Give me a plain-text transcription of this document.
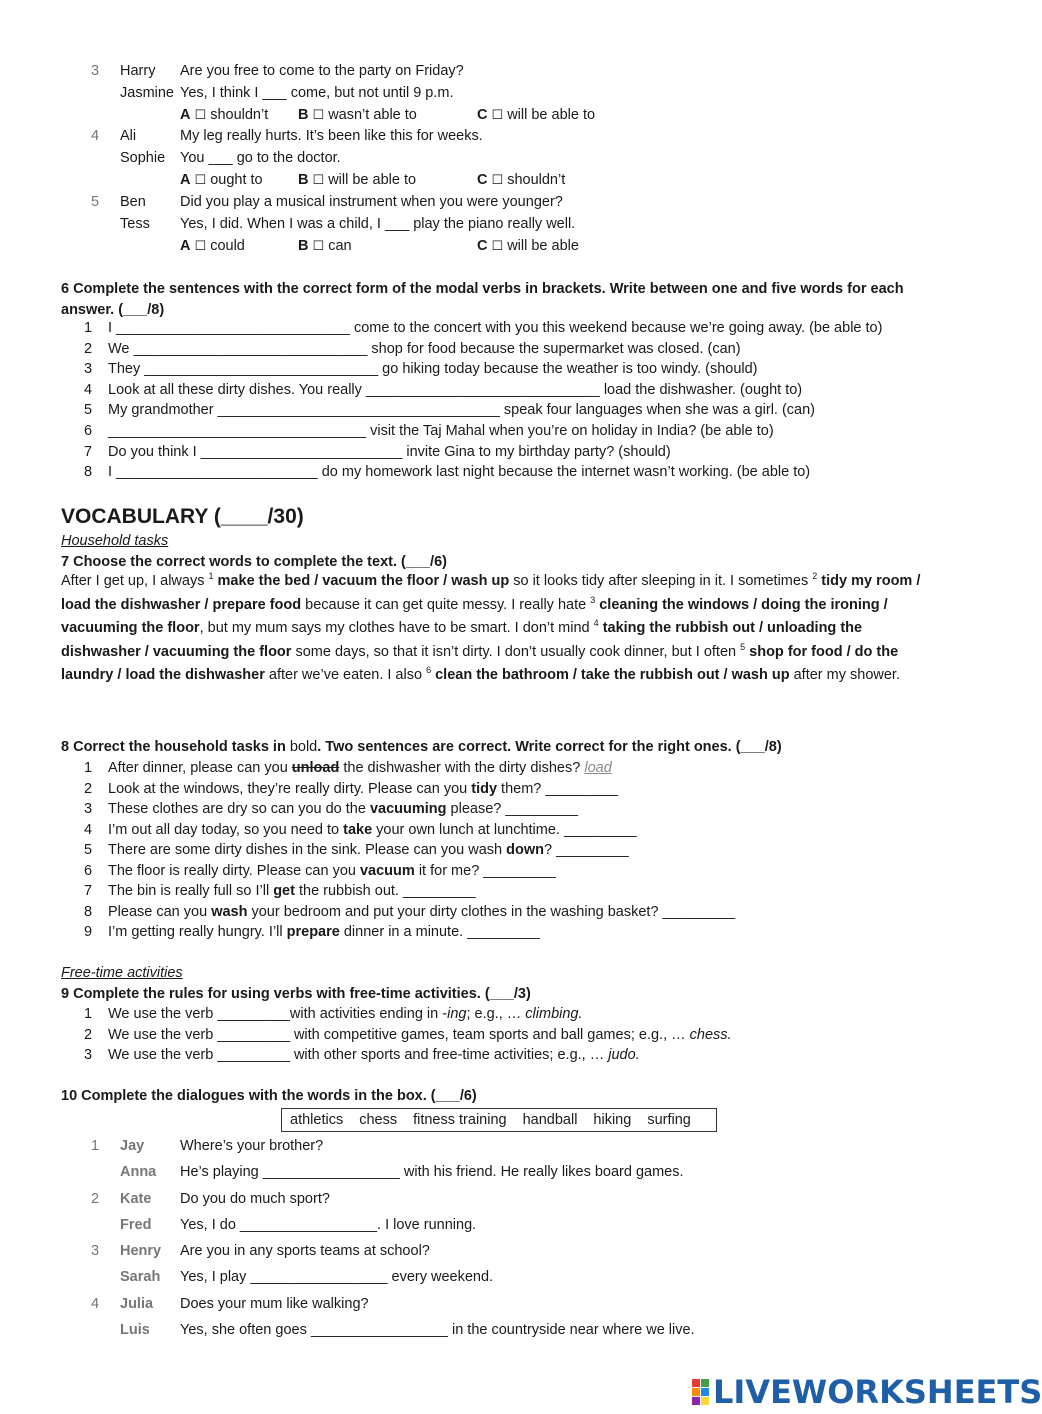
3 Harry Are you free to come to the party on Friday?
Jasmine Yes, I think I ___ come, but not until 9 p.m.
A ☐ shouldn’t B ☐ wasn’t able to	C ☐ will be able to
4 Ali	My leg really hurts. It’s been like this for weeks.
Sophie You ___ go to the doctor.
A ☐ ought to B ☐ will be able to	C ☐ shouldn’t
5 Ben Did you play a musical instrument when you were younger?
Tess Yes, I did. When I was a child, I ___ play the piano really well.
A ☐ could	B ☐ can	C ☐ will be able
6 Complete the sentences with the correct form of the modal verbs in brackets. Write between one and five words for each
answer. (___/8)
1 I _____________________________ come to the concert with you this weekend because we’re going away. (be able to)
2 We _____________________________ shop for food because the supermarket was closed. (can)
3 They _____________________________ go hiking today because the weather is too windy. (should)
4 Look at all these dirty dishes. You really _____________________________ load the dishwasher. (ought to)
5 My grandmother ___________________________________ speak four languages when she was a girl. (can)
6 ________________________________ visit the Taj Mahal when you’re on holiday in India? (be able to)
7 Do you think I _________________________ invite Gina to my birthday party? (should)
8 I _________________________ do my homework last night because the internet wasn’t working. (be able to)
VOCABULARY (____/30)
Household tasks
7 Choose the correct words to complete the text. (___/6)
After I get up, I always $^1$ make the bed / vacuum the floor / wash up so it looks tidy after sleeping in it. I sometimes $^2$ tidy my room / load the dishwasher / prepare food because it can get quite messy. I really hate $^3$ cleaning the windows / doing the ironing / vacuuming the floor, but my mum says my clothes have to be smart. I don’t mind $^4$ taking the rubbish out / unloading the dishwasher / vacuuming the floor some days, so that it isn’t dirty. I don’t usually cook dinner, but I often $^5$ shop for food / do the laundry / load the dishwasher after we’ve eaten. I also $^6$ clean the bathroom / take the rubbish out / wash up after my shower.
8 Correct the household tasks in bold. Two sentences are correct. Write correct for the right ones. (___/8)
1 After dinner, please can you unload the dishwasher with the dirty dishes? load
2 Look at the windows, they’re really dirty. Please can you tidy them? _________
3 These clothes are dry so can you do the vacuuming please? _________
4 I’m out all day today, so you need to take your own lunch at lunchtime. _________
5 There are some dirty dishes in the sink. Please can you wash down? _________
6 The floor is really dirty. Please can you vacuum it for me? _________
7 The bin is really full so I’ll get the rubbish out. _________
8 Please can you wash your bedroom and put your dirty clothes in the washing basket? _________
9 I’m getting really hungry. I’ll prepare dinner in a minute. _________
Free-time activities
9 Complete the rules for using verbs with free-time activities. (___/3)
1 We use the verb _________with activities ending in -ing; e.g., … climbing.
2 We use the verb _________ with competitive games, team sports and ball games; e.g., … chess.
3 We use the verb _________ with other sports and free-time activities; e.g., … judo.
10 Complete the dialogues with the words in the box. (___/6)
athletics chess fitness training handball hiking surfing
1 Jay Where’s your brother?
Anna He’s playing _________________ with his friend. He really likes board games.
2 Kate Do you do much sport?
Fred Yes, I do _________________. I love running.
3 Henry Are you in any sports teams at school?
Sarah Yes, I play _________________ every weekend.
4 Julia Does your mum like walking?
Luis Yes, she often goes _________________ in the countryside near where we live.
LIVEWORKSHEETS
